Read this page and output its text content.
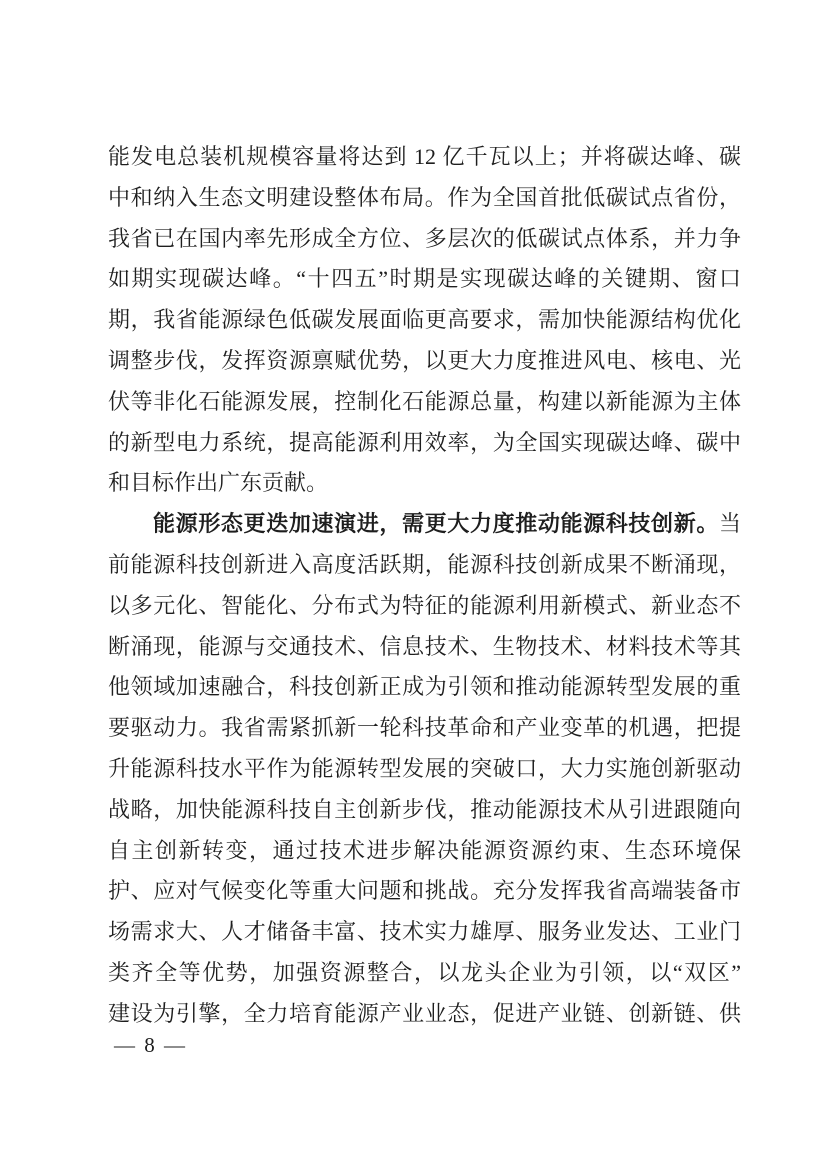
能发电总装机规模容量将达到 12 亿千瓦以上；并将碳达峰、碳
中和纳入生态文明建设整体布局。作为全国首批低碳试点省份，
我省已在国内率先形成全方位、多层次的低碳试点体系，并力争
如期实现碳达峰。“十四五”时期是实现碳达峰的关键期、窗口
期，我省能源绿色低碳发展面临更高要求，需加快能源结构优化
调整步伐，发挥资源禀赋优势，以更大力度推进风电、核电、光
伏等非化石能源发展，控制化石能源总量，构建以新能源为主体
的新型电力系统，提高能源利用效率，为全国实现碳达峰、碳中
和目标作出广东贡献。
能源形态更迭加速演进，需更大力度推动能源科技创新。当
前能源科技创新进入高度活跃期，能源科技创新成果不断涌现，
以多元化、智能化、分布式为特征的能源利用新模式、新业态不
断涌现，能源与交通技术、信息技术、生物技术、材料技术等其
他领域加速融合，科技创新正成为引领和推动能源转型发展的重
要驱动力。我省需紧抓新一轮科技革命和产业变革的机遇，把提
升能源科技水平作为能源转型发展的突破口，大力实施创新驱动
战略，加快能源科技自主创新步伐，推动能源技术从引进跟随向
自主创新转变，通过技术进步解决能源资源约束、生态环境保
护、应对气候变化等重大问题和挑战。充分发挥我省高端装备市
场需求大、人才储备丰富、技术实力雄厚、服务业发达、工业门
类齐全等优势，加强资源整合，以龙头企业为引领，以“双区”
建设为引擎，全力培育能源产业业态，促进产业链、创新链、供
— 8 —
